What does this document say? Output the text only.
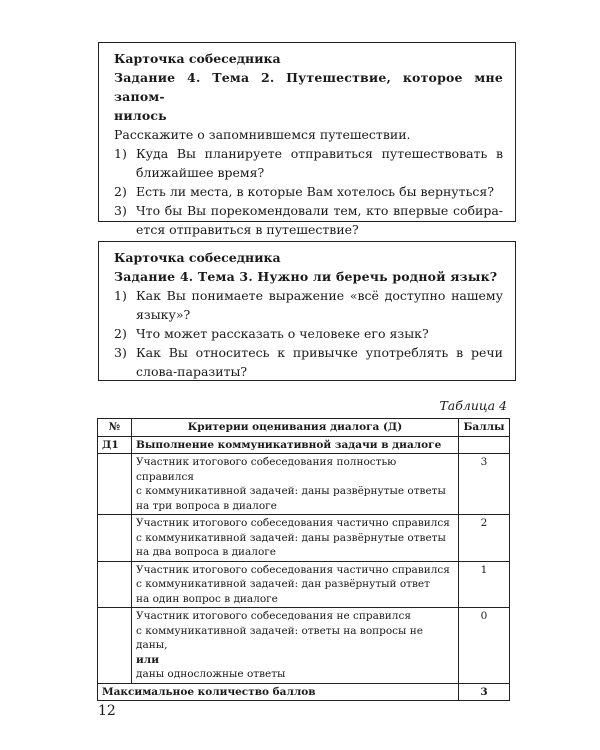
Карточка собеседника
Задание 4. Тема 2. Путешествие, которое мне запом-
нилось
Расскажите о запомнившемся путешествии.
1) Куда Вы планируете отправиться путешествовать в ближайшее время?
2) Есть ли места, в которые Вам хотелось бы вернуться?
3) Что бы Вы порекомендовали тем, кто впервые собира-ется отправиться в путешествие?
Карточка собеседника
Задание 4. Тема 3. Нужно ли беречь родной язык?
1) Как Вы понимаете выражение «всё доступно нашему языку»?
2) Что может рассказать о человеке его язык?
3) Как Вы относитесь к привычке употреблять в речи слова-паразиты?
Таблица 4
№	Критерии оценивания диалога (Д)	Баллы
Д1	Выполнение коммуникативной задачи в диалоге	
	Участник итогового собеседования полностью справился
с коммуникативной задачей: даны развёрнутые ответы
на три вопроса в диалоге	3
	Участник итогового собеседования частично справился
с коммуникативной задачей: даны развёрнутые ответы
на два вопроса в диалоге	2
	Участник итогового собеседования частично справился
с коммуникативной задачей: дан развёрнутый ответ
на один вопрос в диалоге	1
	Участник итогового собеседования не справился
с коммуникативной задачей: ответы на вопросы не даны,
или
даны односложные ответы	0
Максимальное количество баллов		3
12
